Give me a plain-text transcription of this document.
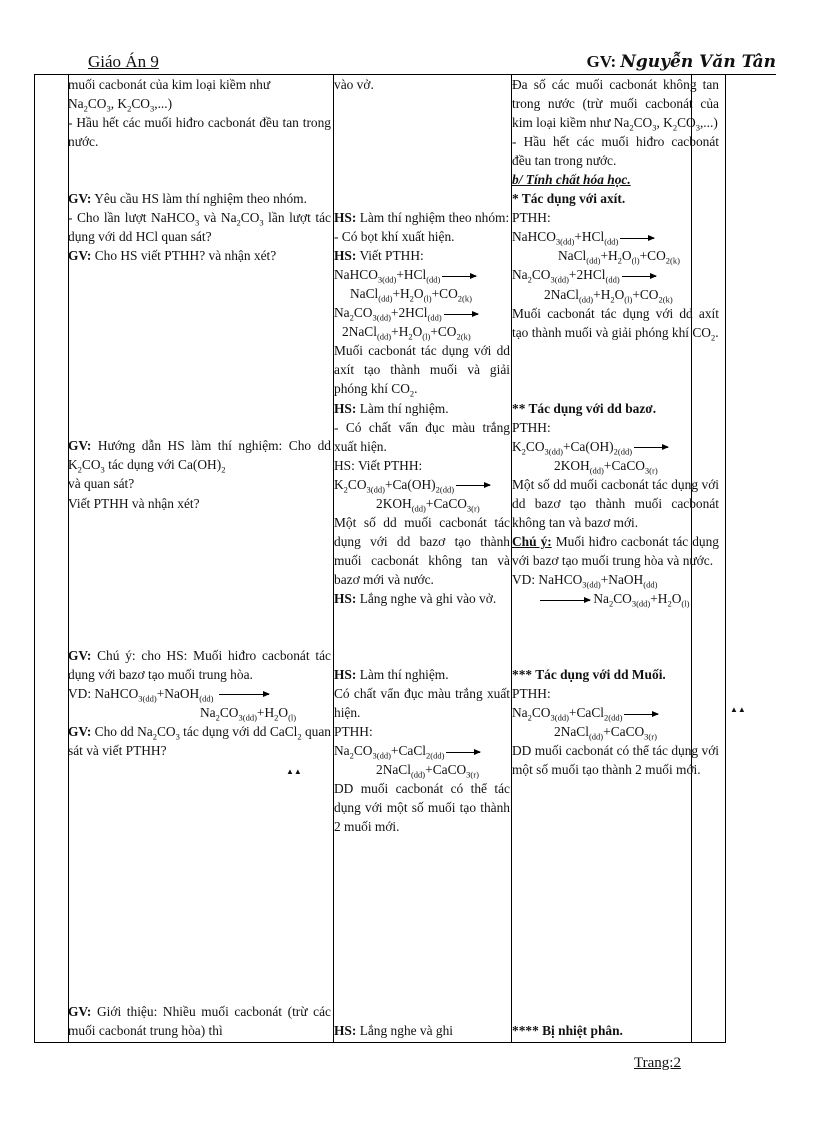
Giáo Án 9	GV: Nguyễn Văn Tân
muối cacbonát của kim loại kiềm như
$Na_2CO_3$, $K_2CO_3$,...)
- Hầu hết các muối hiđro cacbonát đều tan trong nước.
GV: Yêu cầu HS làm thí nghiệm theo nhóm.
- Cho lần lượt NaHCO$_3$ và $Na_2CO_3$ lần lượt tác dụng với dd HCl quan sát?
GV: Cho HS viết PTHH? và nhận xét?
GV: Hướng dẫn HS làm thí nghiệm: Cho dd $K_2CO_3$ tác dụng với $Ca(OH)_2$
và quan sát?
Viết PTHH và nhận xét?
GV: Chú ý: cho HS: Muối hiđro cacbonát tác dụng với bazơ tạo muối trung hòa.
VD: NaHCO$_{3(dd)}$+NaOH$_{(dd)}$
$Na_2CO_{3(dd)}+H_2O_{(l)}$
GV: Cho dd $Na_2CO_3$ tác dụng với dd CaCl$_2$ quan sát và viết PTHH?
GV: Giới thiệu: Nhiều muối cacbonát (trừ các muối cacbonát trung hòa) thì
vào vở.
HS: Làm thí nghiệm theo nhóm:
- Có bọt khí xuất hiện.
HS: Viết PTHH:
NaHCO$_{3(dd)}$+HCl$_{(dd)}$
$NaCl_{(dd)}+H_2O_{(l)}+CO_{2(k)}$
$Na_2CO_{3(dd)}+2HCl_{(dd)}$
$2NaCl_{(dd)}+H_2O_{(l)}+CO_{2(k)}$
Muối cacbonát tác dụng với dd axít tạo thành muối và giải phóng khí $CO_2$.
HS: Làm thí nghiệm.
- Có chất vẩn đục màu trắng xuất hiện.
HS: Viết PTHH:
$K_2CO_{3(dd)}+Ca(OH)_{2(dd)}$
$2KOH_{(dd)}+CaCO_{3(r)}$
Một số dd muối cacbonát tác dụng với dd bazơ tạo thành muối cacbonát không tan và bazơ mới và nước.
HS: Lắng nghe và ghi vào vở.
HS: Làm thí nghiệm.
Có chất vẩn đục màu trắng xuất hiện.
PTHH:
$Na_2CO_{3(dd)}+CaCl_{2(dd)}$
2NaCl$_{(dd)}$+CaCO$_{3(r)}$
DD muối cacbonát có thể tác dụng với một số muối tạo thành 2 muối mới.
HS: Lắng nghe và ghi
Đa số các muối cacbonát không tan trong nước (trừ muối cacbonát của kim loại kiềm như $Na_2CO_3$, $K_2CO_3$,...)
- Hầu hết các muối hiđro cacbonát đều tan trong nước.
b/ Tính chất hóa học.
* Tác dụng với axít.
PTHH:
NaHCO$_{3(dd)}$+HCl$_{(dd)}$
$NaCl_{(dd)}+H_2O_{(l)}+CO_{2(k)}$
$Na_2CO_{3(dd)}+2HCl_{(dd)}$
$2NaCl_{(dd)}+H_2O_{(l)}+CO_{2(k)}$
Muối cacbonát tác dụng với dd axít tạo thành muối và giải phóng khí $CO_2$.
** Tác dụng với dd bazơ.
PTHH:
$K_2CO_{3(dd)}+Ca(OH)_{2(dd)}$
$2KOH_{(dd)}+CaCO_{3(r)}$
Một số dd muối cacbonát tác dụng với dd bazơ tạo thành muối cacbonát không tan và bazơ mới.
Chú ý: Muối hiđro cacbonát tác dụng với bazơ tạo muối trung hòa và nước.
VD: NaHCO$_{3(dd)}$+NaOH$_{(dd)}$
$Na_2CO_{3(dd)}+H_2O_{(l)}$
*** Tác dụng với dd Muối.
PTHH:
$Na_2CO_{3(dd)}+CaCl_{2(dd)}$
2NaCl$_{(dd)}$+CaCO$_{3(r)}$
DD muối cacbonát có thể tác dụng với một số muối tạo thành 2 muối mới.
**** Bị nhiệt phân.
▲▲
▲▲
Trang:2
